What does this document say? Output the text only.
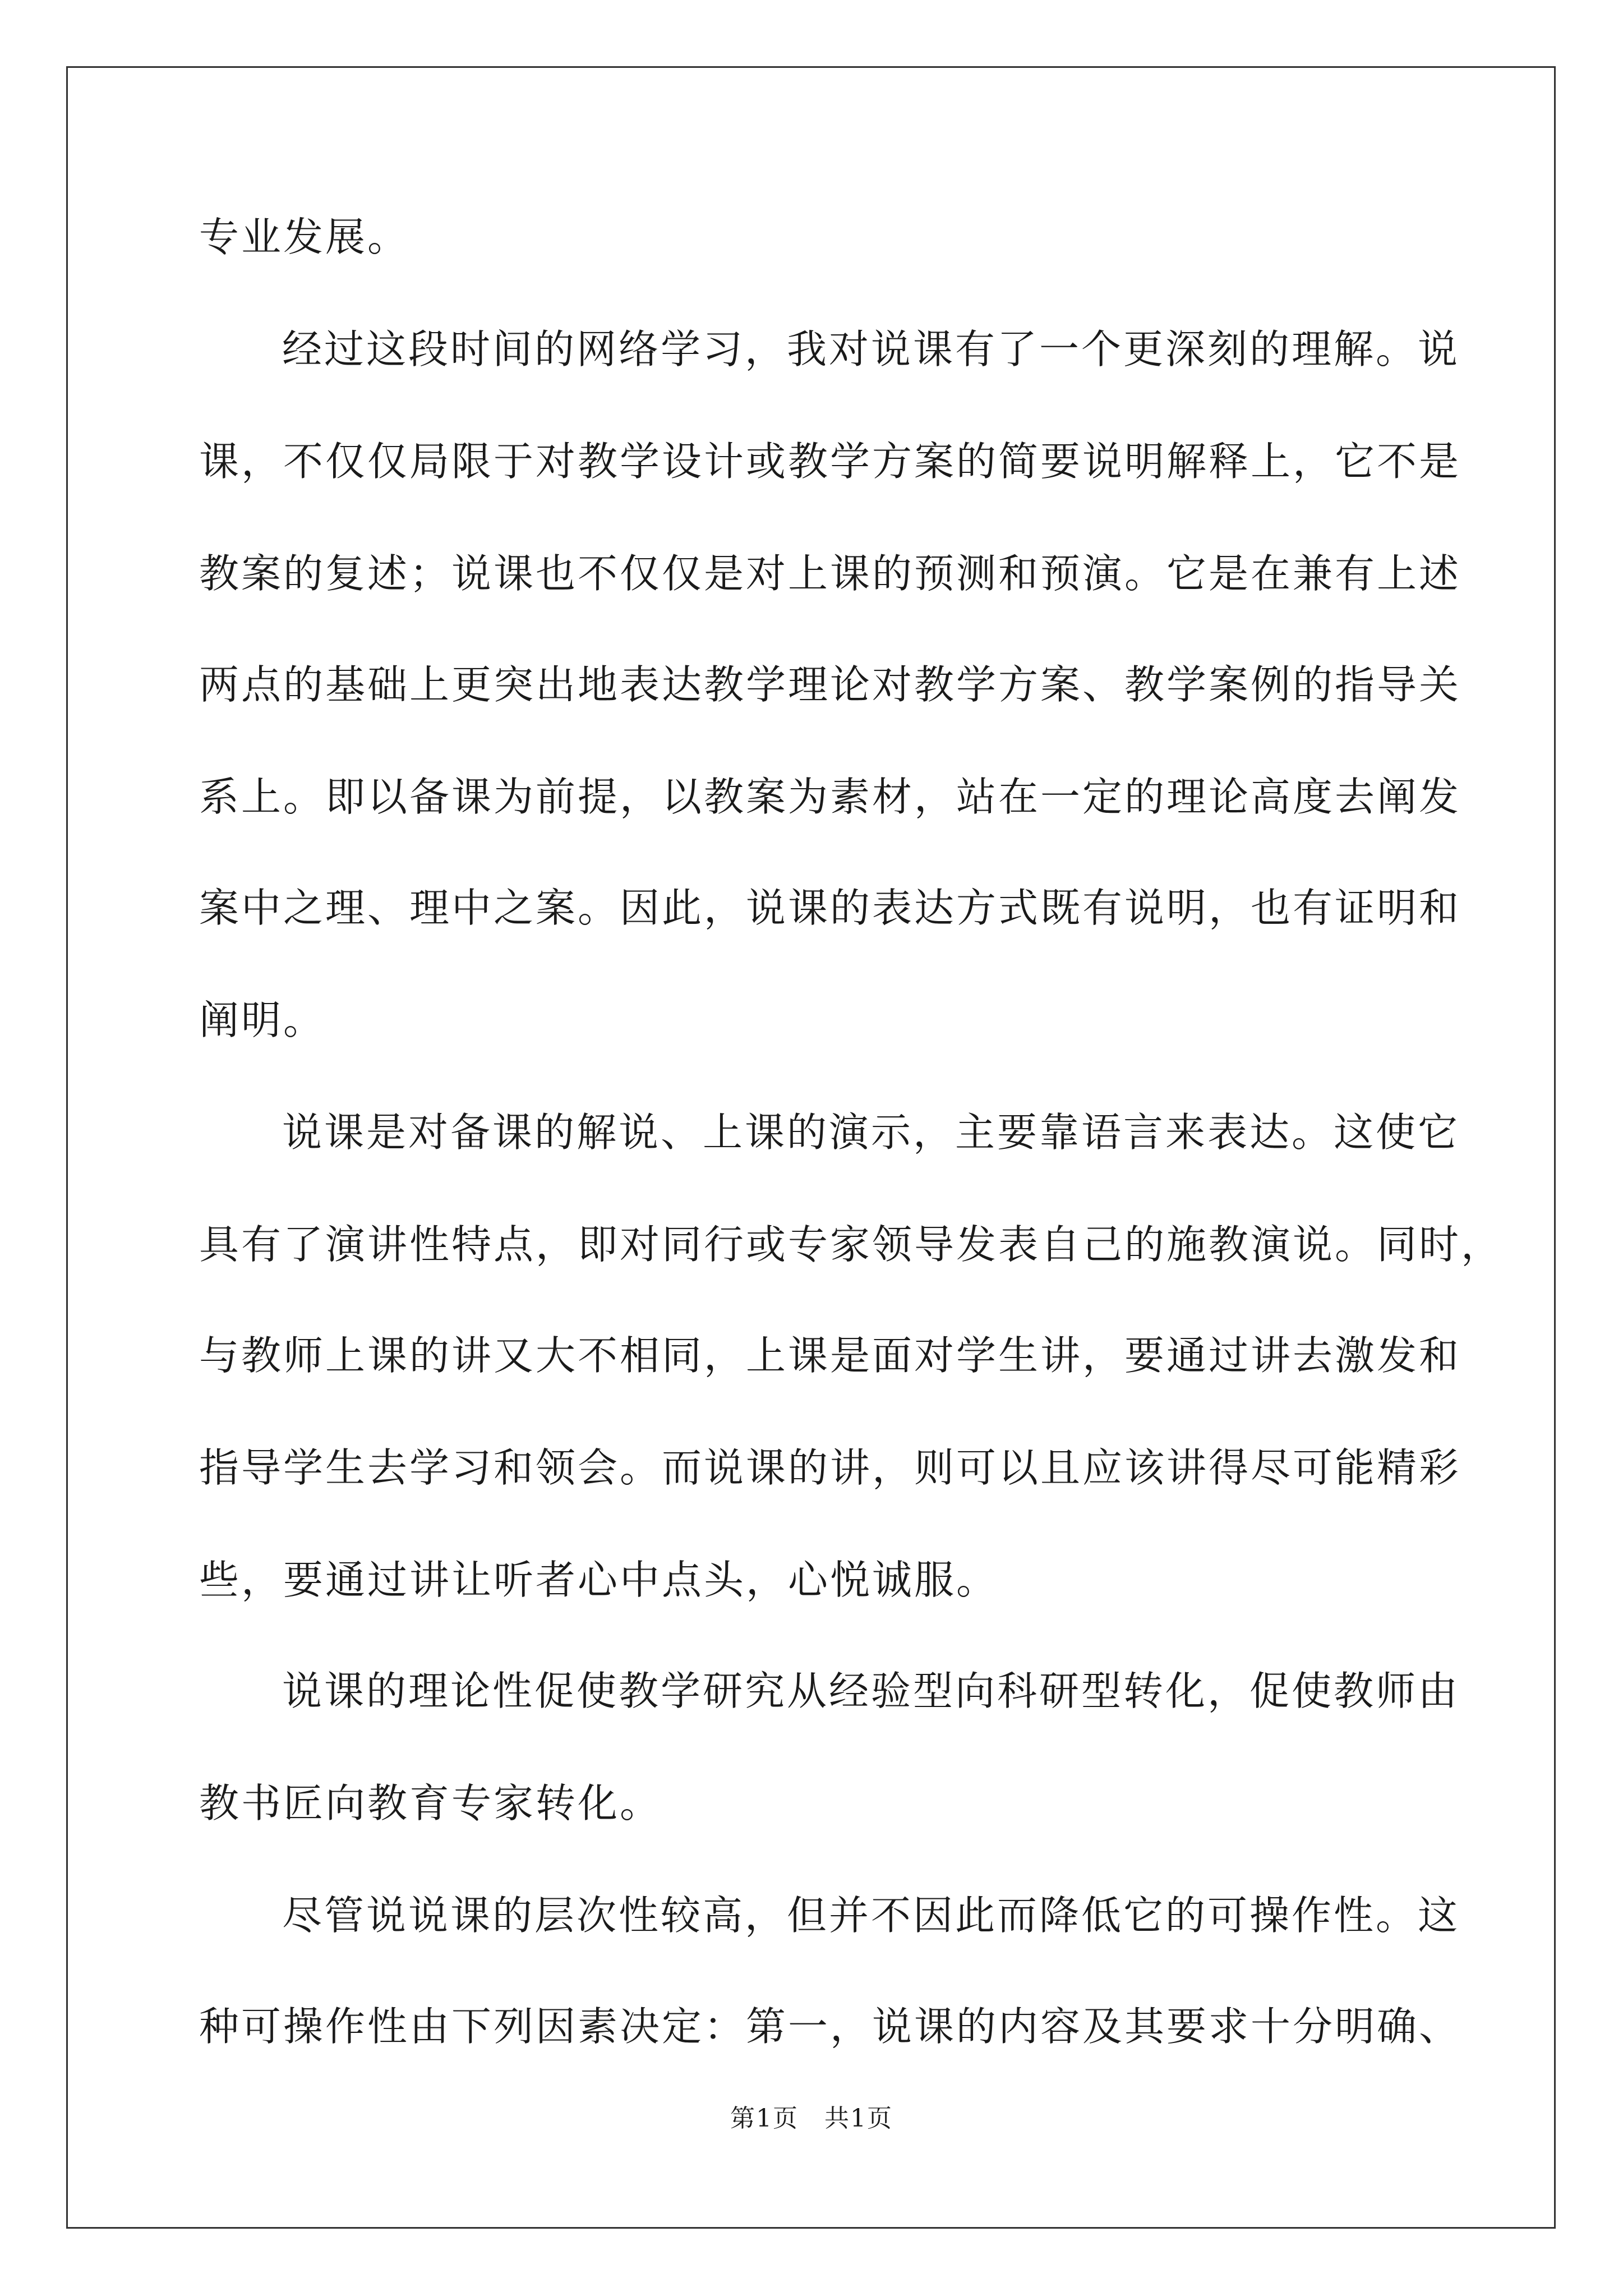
专业发展。
经过这段时间的网络学习，我对说课有了一个更深刻的理解。说
课，不仅仅局限于对教学设计或教学方案的简要说明解释上，它不是
教案的复述；说课也不仅仅是对上课的预测和预演。它是在兼有上述
两点的基础上更突出地表达教学理论对教学方案、教学案例的指导关
系上。即以备课为前提，以教案为素材，站在一定的理论高度去阐发
案中之理、理中之案。因此，说课的表达方式既有说明，也有证明和
阐明。
说课是对备课的解说、上课的演示，主要靠语言来表达。这使它
具有了演讲性特点，即对同行或专家领导发表自己的施教演说。同时，
与教师上课的讲又大不相同，上课是面对学生讲，要通过讲去激发和
指导学生去学习和领会。而说课的讲，则可以且应该讲得尽可能精彩
些，要通过讲让听者心中点头，心悦诚服。
说课的理论性促使教学研究从经验型向科研型转化，促使教师由
教书匠向教育专家转化。
尽管说说课的层次性较高，但并不因此而降低它的可操作性。这
种可操作性由下列因素决定：第一，说课的内容及其要求十分明确、
第1页　共1页
